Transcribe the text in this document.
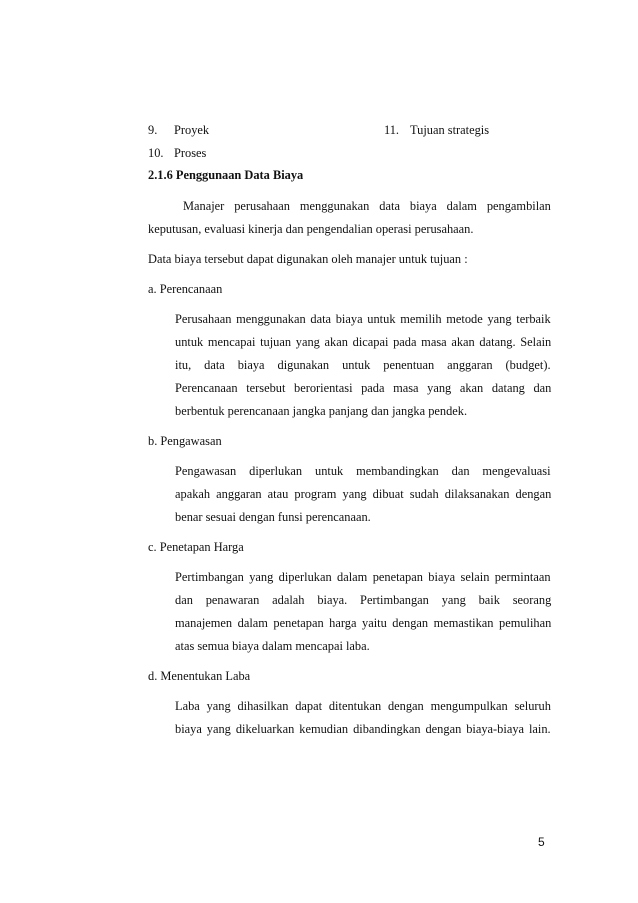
9. Proyek	11. Tujuan strategis
10. Proses
2.1.6 Penggunaan Data Biaya
Manajer perusahaan menggunakan data biaya dalam pengambilan
keputusan, evaluasi kinerja dan pengendalian operasi perusahaan.
Data biaya tersebut dapat digunakan oleh manajer untuk tujuan :
a. Perencanaan
Perusahaan menggunakan data biaya untuk memilih metode yang terbaik
untuk mencapai tujuan yang akan dicapai pada masa akan datang. Selain
itu, data biaya digunakan untuk penentuan anggaran (budget).
Perencanaan tersebut berorientasi pada masa yang akan datang dan
berbentuk perencanaan jangka panjang dan jangka pendek.
b. Pengawasan
Pengawasan diperlukan untuk membandingkan dan mengevaluasi
apakah anggaran atau program yang dibuat sudah dilaksanakan dengan
benar sesuai dengan funsi perencanaan.
c. Penetapan Harga
Pertimbangan yang diperlukan dalam penetapan biaya selain permintaan
dan penawaran adalah biaya. Pertimbangan yang baik seorang
manajemen dalam penetapan harga yaitu dengan memastikan pemulihan
atas semua biaya dalam mencapai laba.
d. Menentukan Laba
Laba yang dihasilkan dapat ditentukan dengan mengumpulkan seluruh
biaya yang dikeluarkan kemudian dibandingkan dengan biaya-biaya lain.
5
